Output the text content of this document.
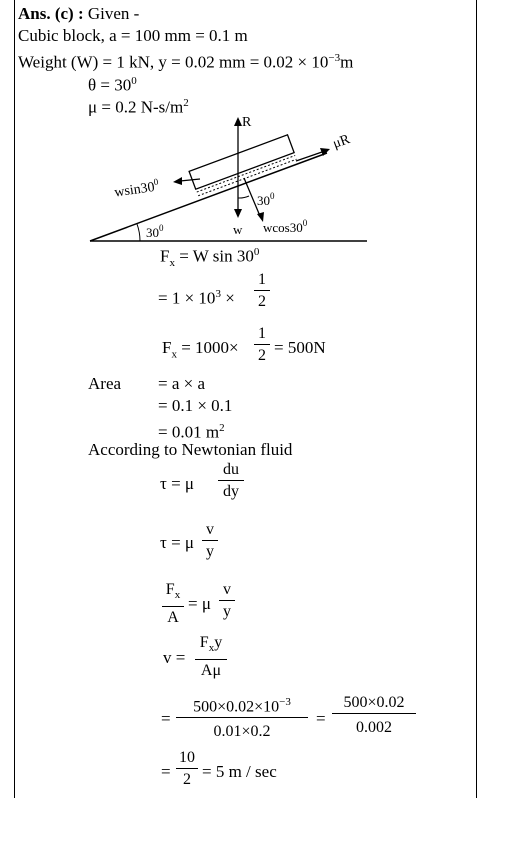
Ans. (c) : Given -
Cubic block, a = 100 mm = 0.1 m
Weight (W) = 1 kN, y = 0.02 mm = $0.02 \times 10^{-3}m$
$\theta = 30^0$
μ = 0.2 $N-s/m^2$
R
μR
$wsin30^0$
w $wcos30^0$
$30^0$
$30^0$
$F_x = W$ $\sin 30^0$
= $1 \times 10^3$ ×
1
2
$F_x = 1000\times$
1
2 = 500N
Area = a × a
= 0.1 × 0.1
= 0.01 $m^2$
According to Newtonian fluid
τ = μ
du
dy
τ = μ
v
y
$F_x$
A
= μ
v
y
v =
$F_xy$
Aμ
=
$500\times 0.02\times 10^{-3}$
0.01×0.2
=
500×0.02
0.002
=
10
2 = 5 m / sec
